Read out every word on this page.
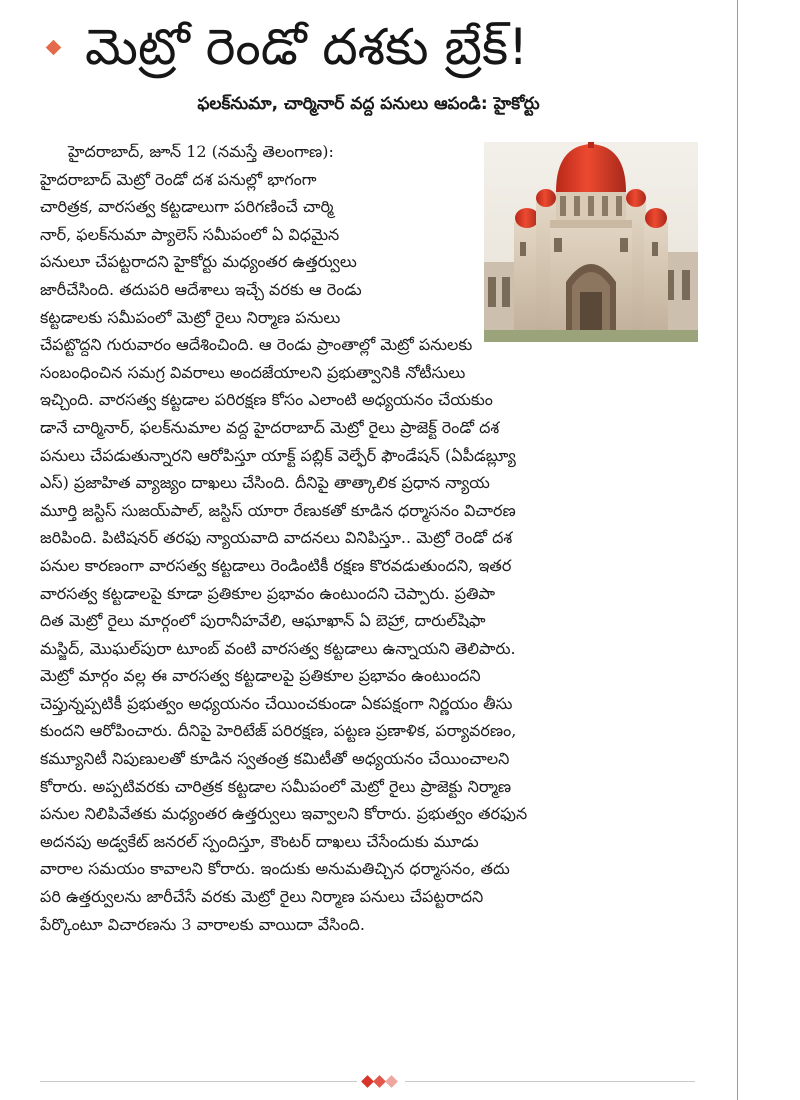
మెట్రో రెండో దశకు బ్రేక్!
ఫలక్‌నుమా, చార్మినార్ వద్ద పనులు ఆపండి: హైకోర్టు
హైదరాబాద్, జూన్ 12 (నమస్తే తెలంగాణ):
హైదరాబాద్ మెట్రో రెండో దశ పనుల్లో భాగంగా
చారిత్రక, వారసత్వ కట్టడాలుగా పరిగణించే చార్మి
నార్, ఫలక్‌నుమా ప్యాలెస్ సమీపంలో ఏ విధమైన
పనులూ చేపట్టరాదని హైకోర్టు మధ్యంతర ఉత్తర్వులు
జారీచేసింది. తదుపరి ఆదేశాలు ఇచ్చే వరకు ఆ రెండు
కట్టడాలకు సమీపంలో మెట్రో రైలు నిర్మాణ పనులు
చేపట్టొద్దని గురువారం ఆదేశించింది. ఆ రెండు ప్రాంతాల్లో మెట్రో పనులకు
సంబంధించిన సమగ్ర వివరాలు అందజేయాలని ప్రభుత్వానికి నోటీసులు
ఇచ్చింది. వారసత్వ కట్టడాల పరిరక్షణ కోసం ఎలాంటి అధ్యయనం చేయకుం
డానే చార్మినార్, ఫలక్‌నుమాల వద్ద హైదరాబాద్ మెట్రో రైలు ప్రాజెక్ట్ రెండో దశ
పనులు చేపడుతున్నారని ఆరోపిస్తూ యాక్ట్ పబ్లిక్ వెల్ఫేర్ ఫౌండేషన్ (ఏపీడబ్ల్యూ
ఎస్) ప్రజాహిత వ్యాజ్యం దాఖలు చేసింది. దీనిపై తాత్కాలిక ప్రధాన న్యాయ
మూర్తి జస్టిస్ సుజయ్‌పాల్, జస్టిస్ యారా రేణుకతో కూడిన ధర్మాసనం విచారణ
జరిపింది. పిటిషనర్ తరఫు న్యాయవాది వాదనలు వినిపిస్తూ.. మెట్రో రెండో దశ
పనుల కారణంగా వారసత్వ కట్టడాలు రెండింటికీ రక్షణ కొరవడుతుందని, ఇతర
వారసత్వ కట్టడాలపై కూడా ప్రతికూల ప్రభావం ఉంటుందని చెప్పారు. ప్రతిపా
దిత మెట్రో రైలు మార్గంలో పురానీహవేలి, ఆఘాఖాన్ ఏ బెహ్రా, దారుల్‌షిఫా
మస్జిద్, మొఘల్‌పురా టూంబ్ వంటి వారసత్వ కట్టడాలు ఉన్నాయని తెలిపారు.
మెట్రో మార్గం వల్ల ఈ వారసత్వ కట్టడాలపై ప్రతికూల ప్రభావం ఉంటుందని
చెప్తున్నప్పటికీ ప్రభుత్వం అధ్యయనం చేయించకుండా ఏకపక్షంగా నిర్ణయం తీసు
కుందని ఆరోపించారు. దీనిపై హెరిటేజ్ పరిరక్షణ, పట్టణ ప్రణాళిక, పర్యావరణం,
కమ్యూనిటీ నిపుణులతో కూడిన స్వతంత్ర కమిటీతో అధ్యయనం చేయించాలని
కోరారు. అప్పటివరకు చారిత్రక కట్టడాల సమీపంలో మెట్రో రైలు ప్రాజెక్టు నిర్మాణ
పనుల నిలిపివేతకు మధ్యంతర ఉత్తర్వులు ఇవ్వాలని కోరారు. ప్రభుత్వం తరఫున
అదనపు అడ్వకేట్ జనరల్ స్పందిస్తూ, కౌంటర్ దాఖలు చేసేందుకు మూడు
వారాల సమయం కావాలని కోరారు. ఇందుకు అనుమతిచ్చిన ధర్మాసనం, తదు
పరి ఉత్తర్వులను జారీచేసే వరకు మెట్రో రైలు నిర్మాణ పనులు చేపట్టరాదని
పేర్కొంటూ విచారణను 3 వారాలకు వాయిదా వేసింది.
